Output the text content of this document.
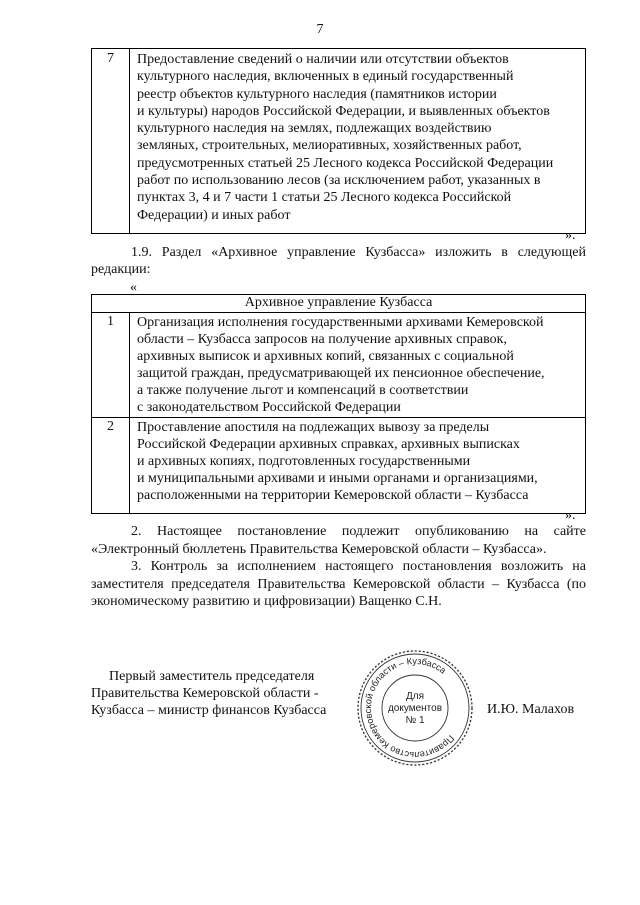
7
7	Предоставление сведений о наличии или отсутствии объектов
культурного наследия, включенных в единый государственный
реестр объектов культурного наследия (памятников истории
и культуры) народов Российской Федерации, и выявленных объектов
культурного наследия на землях, подлежащих воздействию
земляных, строительных, мелиоративных, хозяйственных работ,
предусмотренных статьей 25 Лесного кодекса Российской Федерации
работ по использованию лесов (за исключением работ, указанных в
пунктах 3, 4 и 7 части 1 статьи 25 Лесного кодекса Российской
Федерации) и иных работ
».
1.9. Раздел «Архивное управление Кузбасса» изложить в следующей редакции:
«
Архивное управление Кузбасса
1	Организация исполнения государственными архивами Кемеровской
области – Кузбасса запросов на получение архивных справок,
архивных выписок и архивных копий, связанных с социальной
защитой граждан, предусматривающей их пенсионное обеспечение,
а также получение льгот и компенсаций в соответствии
с законодательством Российской Федерации
2	Проставление апостиля на подлежащих вывозу за пределы
Российской Федерации архивных справках, архивных выписках
и архивных копиях, подготовленных государственными
и муниципальными архивами и иными органами и организациями,
расположенными на территории Кемеровской области – Кузбасса
».
2. Настоящее постановление подлежит опубликованию на сайте «Электронный бюллетень Правительства Кемеровской области – Кузбасса».
3. Контроль за исполнением настоящего постановления возложить на заместителя председателя Правительства Кемеровской области – Кузбасса (по экономическому развитию и цифровизации) Ващенко С.Н.
Первый заместитель председателя
Правительства Кемеровской области -
Кузбасса – министр финансов Кузбасса	И.Ю. Малахов
Правительство Кемеровской области – Кузбасса
Для
документов
№ 1
